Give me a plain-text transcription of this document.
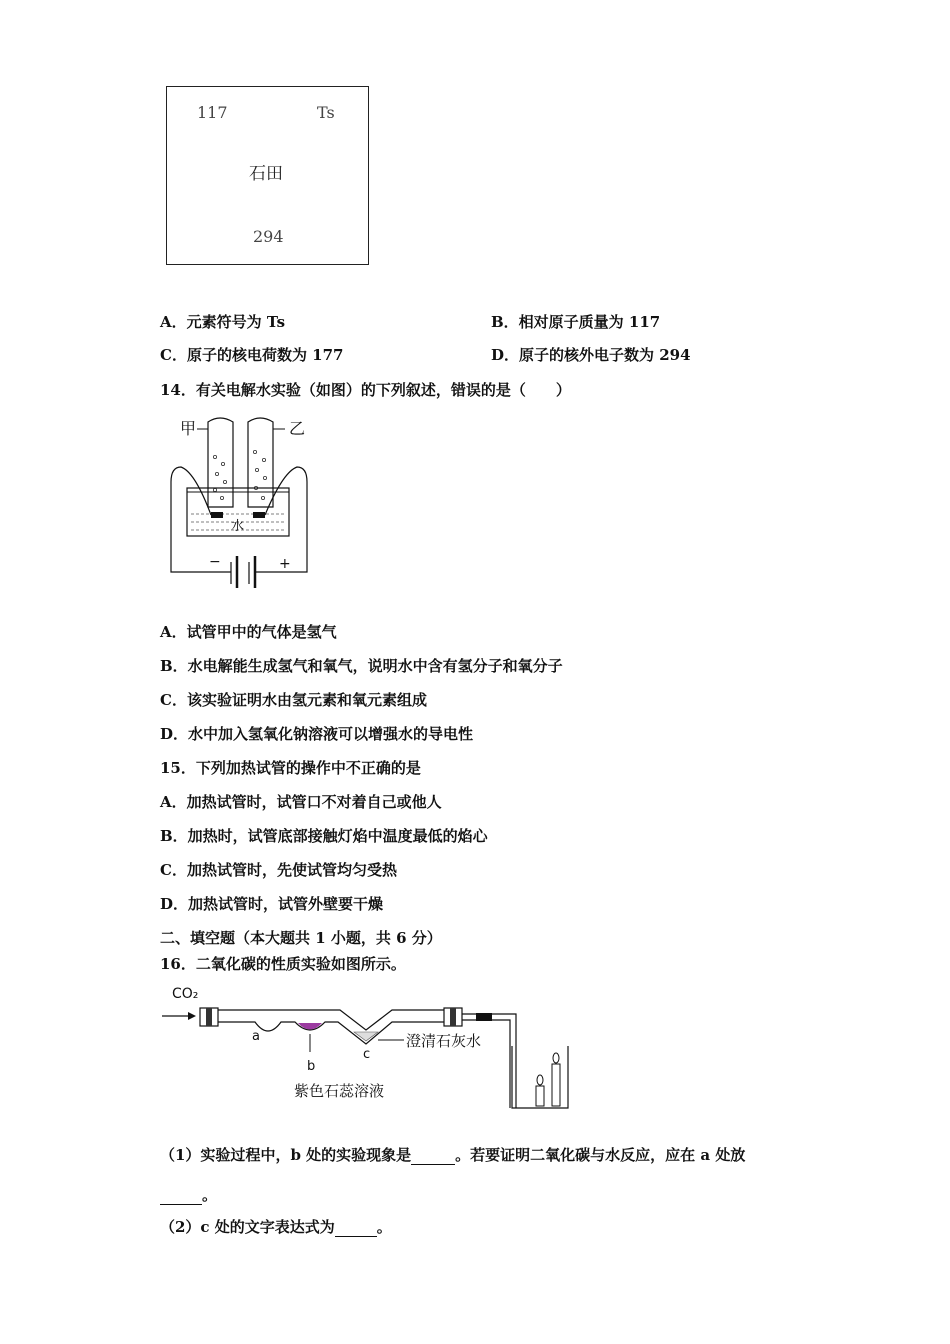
117	Ts
石田
294
A．元素符号为 Ts	B．相对原子质量为 117
C．原子的核电荷数为 177	D．原子的核外电子数为 294
14．有关电解水实验（如图）的下列叙述，错误的是（　　）
甲	乙
水
−	+
A．试管甲中的气体是氢气
B．水电解能生成氢气和氧气，说明水中含有氢分子和氧分子
C．该实验证明水由氢元素和氧元素组成
D．水中加入氢氧化钠溶液可以增强水的导电性
15．下列加热试管的操作中不正确的是
A．加热试管时，试管口不对着自己或他人
B．加热时，试管底部接触灯焰中温度最低的焰心
C．加热试管时，先使试管均匀受热
D．加热试管时，试管外壁要干燥
二、填空题（本大题共 1 小题，共 6 分）
16．二氧化碳的性质实验如图所示。
CO₂
a
b
c
澄清石灰水
紫色石蕊溶液
（1）实验过程中，b 处的实验现象是	。若要证明二氧化碳与水反应，应在 a 处放
。
（2）c 处的文字表达式为	。
